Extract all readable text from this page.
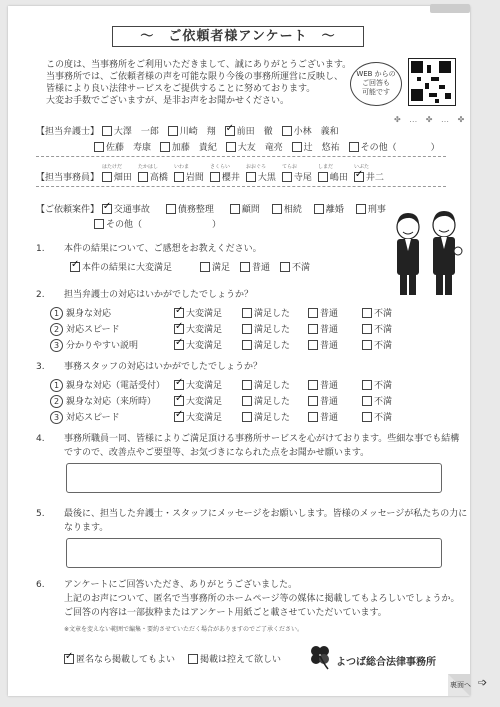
～　ご依頼者様アンケート　～
この度は、当事務所をご利用いただきまして、誠にありがとうございます。
当事務所では、ご依頼者様の声を可能な限り今後の事務所運営に反映し、
皆様により良い法律サービスをご提供することに努めております。
大変お手数でございますが、是非お声をお聞かせください。
WEB からの
ご回答も
可能です
✤ … ✤ … ✤
【担当弁護士】 大澤　一郎 川崎　翔 ✓ 前田　徹 小林　義和
佐藤　寿康 加藤　貴紀 大友　竜亮 辻　悠祐 その他（	）
はたけだ	たかはし	いわま	さくらい	おおぐろ	てらお	しまだ	いぶた
【担当事務員】 畑田 高橋 岩間 櫻井 大黒 寺尾 嶋田 ✓ 井二
【ご依頼案件】 ✓ 交通事故	債務整理	顧問	相続	離婚	刑事
その他（	）
1. 本件の結果について、ご感想をお教えください。
✓本件の結果に大変満足	満足 普通 不満
2. 担当弁護士の対応はいかがでしたでしょうか？
1 親身な対応 ✓	大変満足	満足した	普通	不満
2 対応スピード ✓	大変満足	満足した	普通	不満
3 分かりやすい説明 ✓	大変満足	満足した	普通	不満
3. 事務スタッフの対応はいかがでしたでしょうか？
1 親身な対応（電話受付） ✓ 大変満足	満足した	普通	不満
2 親身な対応（来所時） ✓	大変満足	満足した	普通	不満
3 対応スピード ✓	大変満足	満足した	普通	不満
4. 事務所職員一同、皆様によりご満足頂ける事務所サービスを心がけております。些細な事でも結構
ですので、改善点やご要望等、お気づきになられた点をお聞かせ願います。
5. 最後に、担当した弁護士・スタッフにメッセージをお願いします。皆様のメッセージが私たちの力に
なります。
6. アンケートにご回答いただき、ありがとうございました。
上記のお声について、匿名で当事務所のホームページ等の媒体に掲載してもよろしいでしょうか。
ご回答の内容は一部抜粋またはアンケート用紙ごと載させていただいています。
※文章を変えない範囲で編集・要約させていただく場合がありますのでご了承ください。
✓匿名なら掲載してもよい	掲載は控えて欲しい	よつば総合法律事務所
裏面へ ➩
